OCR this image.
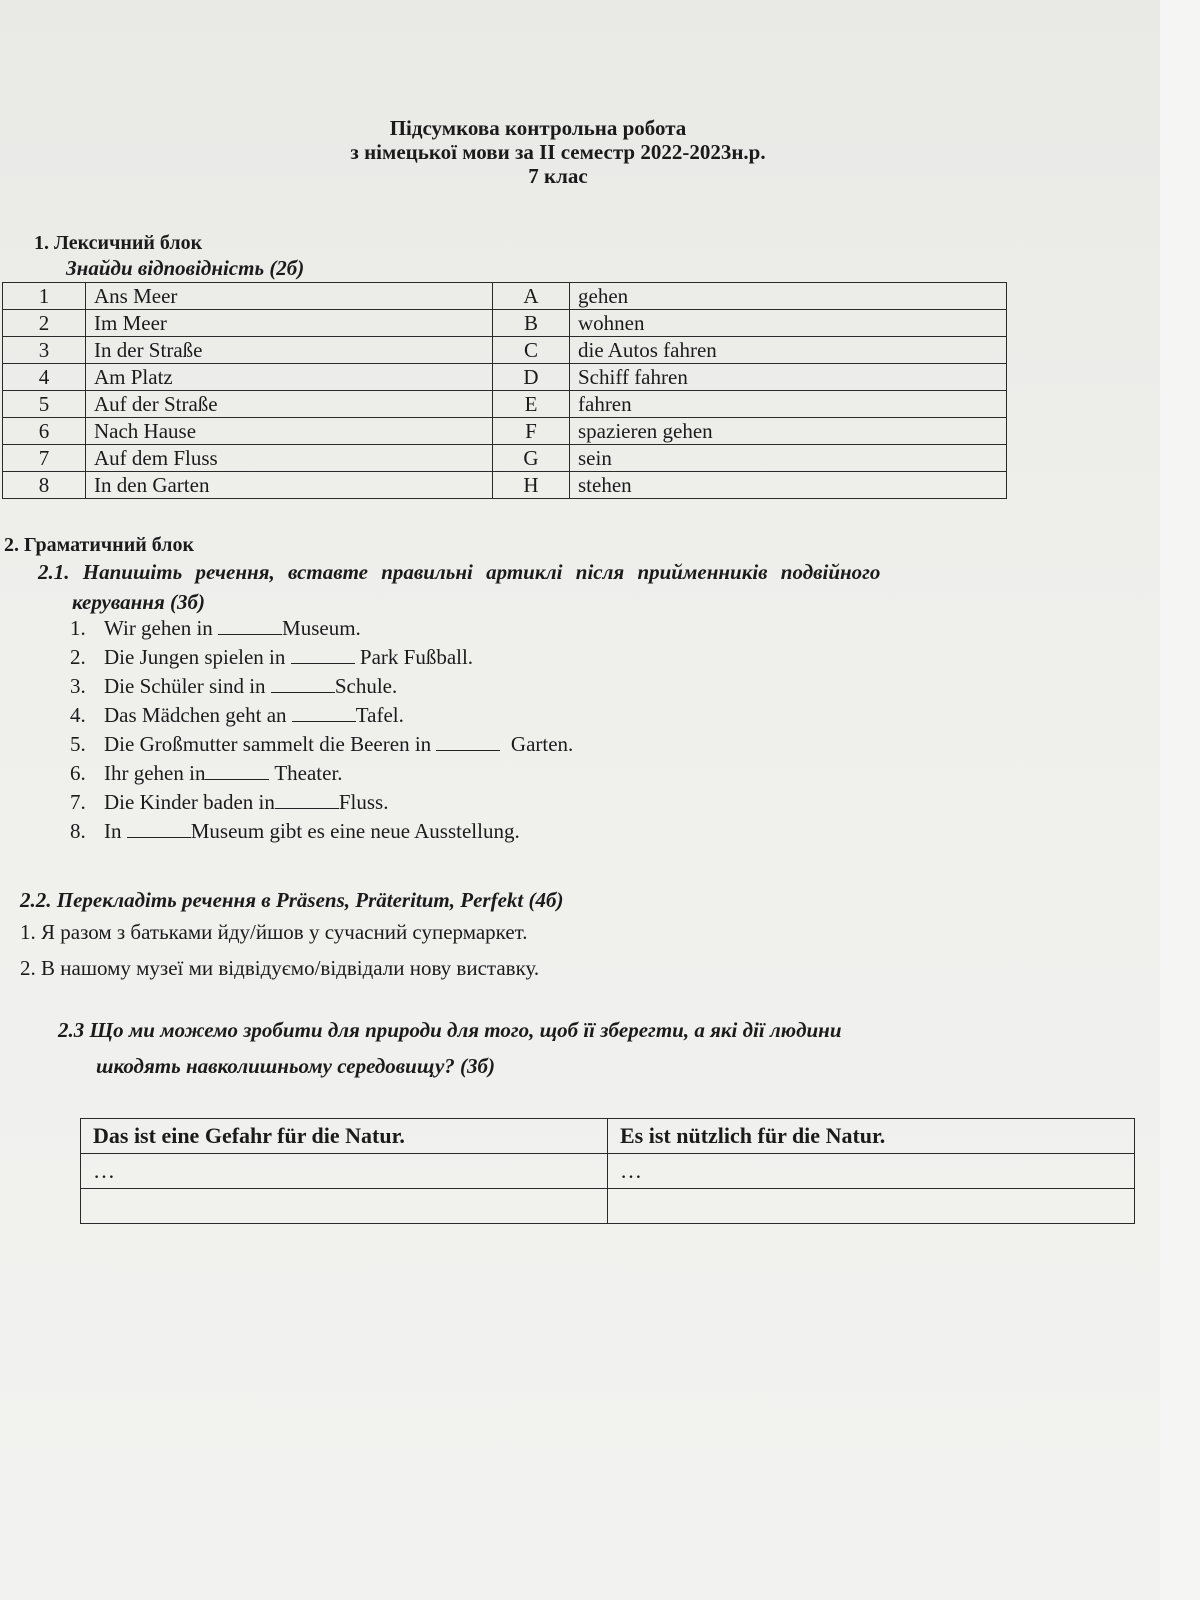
Підсумкова контрольна робота
з німецької мови за II семестр 2022-2023н.р.
7 клас
1. Лексичний блок
Знайди відповідність (2б)
1	Ans Meer	A	gehen
2	Im Meer	B	wohnen
3	In der Straße	C	die Autos fahren
4	Am Platz	D	Schiff fahren
5	Auf der Straße	E	fahren
6	Nach Hause	F	spazieren gehen
7	Auf dem Fluss	G	sein
8	In den Garten	H	stehen
2. Граматичний блок
2.1. Напишіть речення, вставте правильні артиклі після прийменників подвійного
керування (3б)
1. Wir gehen in	Museum.
2. Die Jungen spielen in	Park Fußball.
3. Die Schüler sind in	Schule.
4. Das Mädchen geht an	Tafel.
5. Die Großmutter sammelt die Beeren in	Garten.
6. Ihr gehen in	Theater.
7. Die Kinder baden in	Fluss.
8. In	Museum gibt es eine neue Ausstellung.
2.2. Перекладіть речення в Präsens, Präteritum, Perfekt (4б)
1. Я разом з батьками йду/йшов у сучасний супермаркет.
2. В нашому музеї ми відвідуємо/відвідали нову виставку.
2.3 Що ми можемо зробити для природи для того, щоб її зберегти, а які дії людини
шкодять навколишньому середовищу? (3б)
Das ist eine Gefahr für die Natur.	Es ist nützlich für die Natur.
…	…
